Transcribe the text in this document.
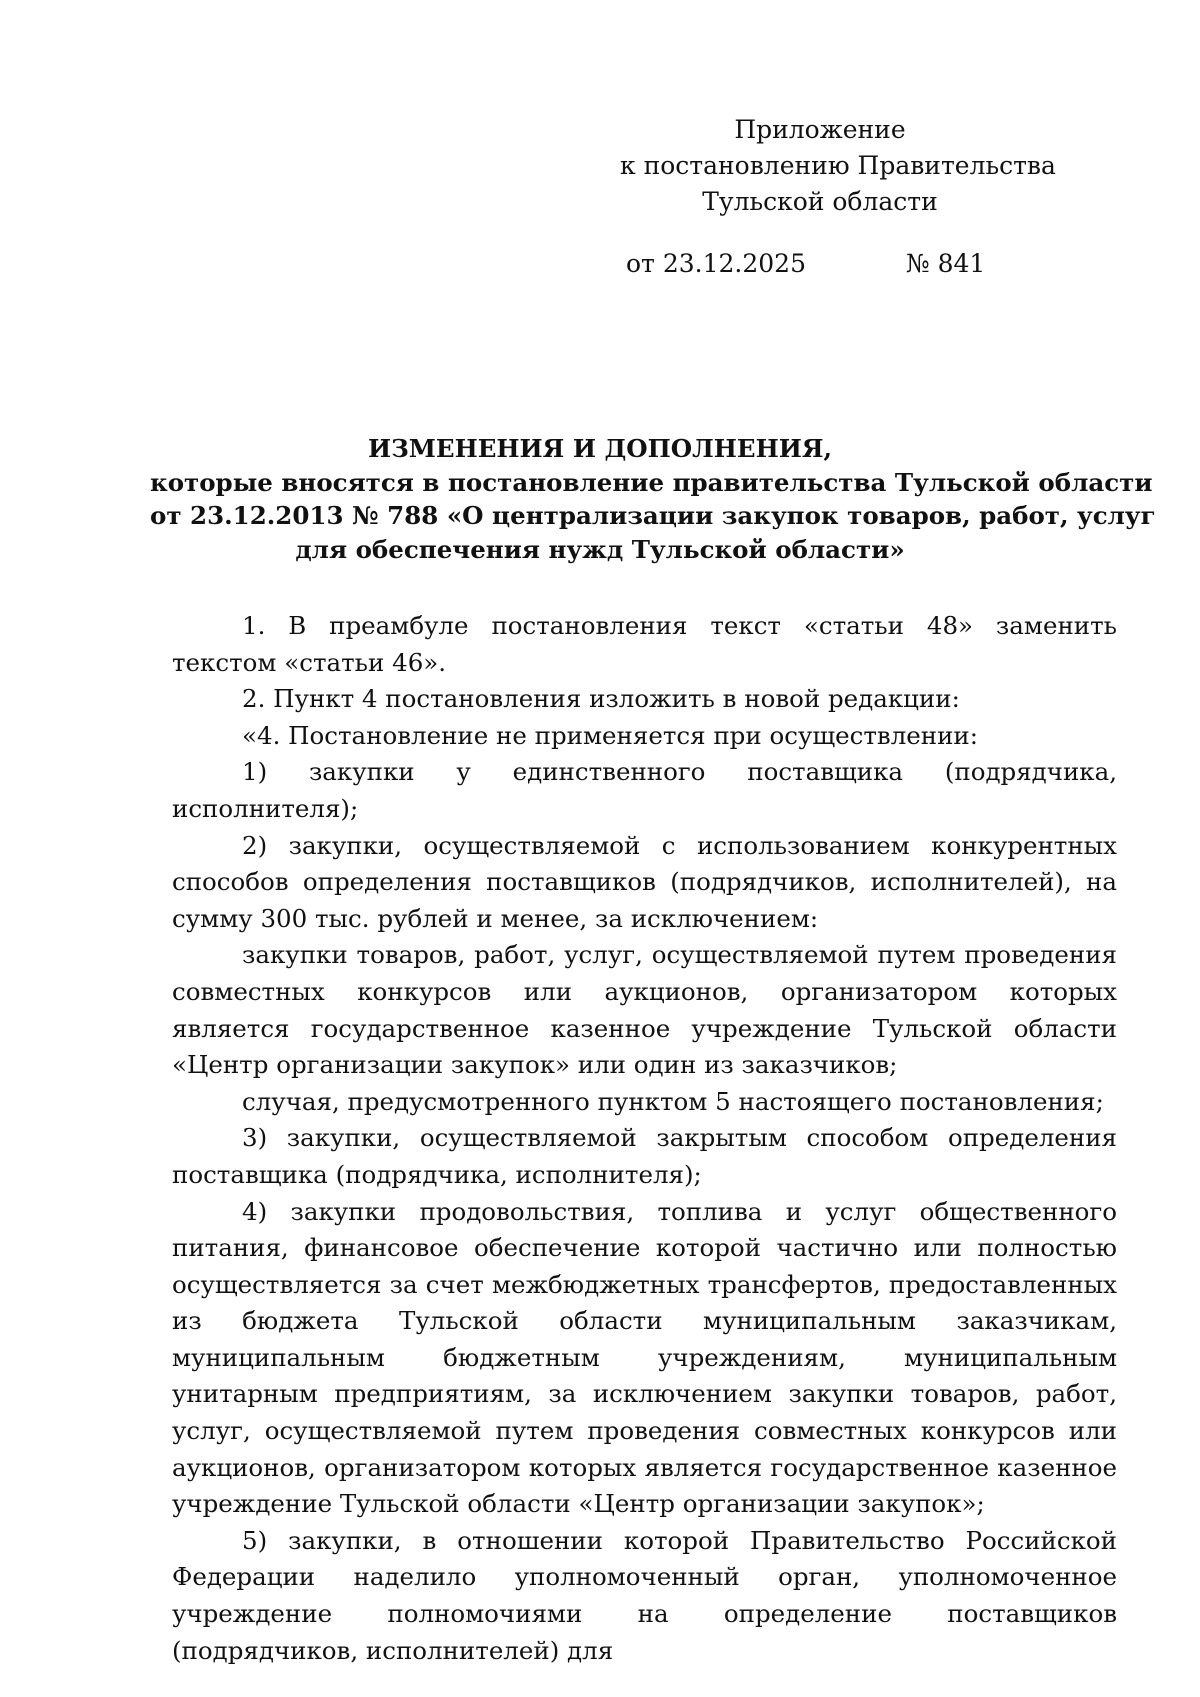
Приложение
к постановлению Правительства
Тульской области
от 23.12.2025	№ 841
ИЗМЕНЕНИЯ И ДОПОЛНЕНИЯ,
которые вносятся в постановление правительства Тульской области
от 23.12.2013 № 788 «О централизации закупок товаров, работ, услуг
для обеспечения нужд Тульской области»

1. В преамбуле постановления текст «статьи 48» заменить текстом «статьи 46».

2. Пункт 4 постановления изложить в новой редакции:

«4. Постановление не применяется при осуществлении:

1) закупки у единственного поставщика (подрядчика, исполнителя);

2) закупки, осуществляемой с использованием конкурентных способов определения поставщиков (подрядчиков, исполнителей), на сумму 300 тыс. рублей и менее, за исключением:

закупки товаров, работ, услуг, осуществляемой путем проведения совместных конкурсов или аукционов, организатором которых является государственное казенное учреждение Тульской области «Центр организации закупок» или один из заказчиков;

случая, предусмотренного пунктом 5 настоящего постановления;

3) закупки, осуществляемой закрытым способом определения поставщика (подрядчика, исполнителя);

4) закупки продовольствия, топлива и услуг общественного питания, финансовое обеспечение которой частично или полностью осуществляется за счет межбюджетных трансфертов, предоставленных из бюджета Тульской области муниципальным заказчикам, муниципальным бюджетным учреждениям, муниципальным унитарным предприятиям, за исключением закупки товаров, работ, услуг, осуществляемой путем проведения совместных конкурсов или аукционов, организатором которых является государственное казенное учреждение Тульской области «Центр организации закупок»;

5) закупки, в отношении которой Правительство Российской Федерации наделило уполномоченный орган, уполномоченное учреждение полномочиями на определение поставщиков (подрядчиков, исполнителей) для
